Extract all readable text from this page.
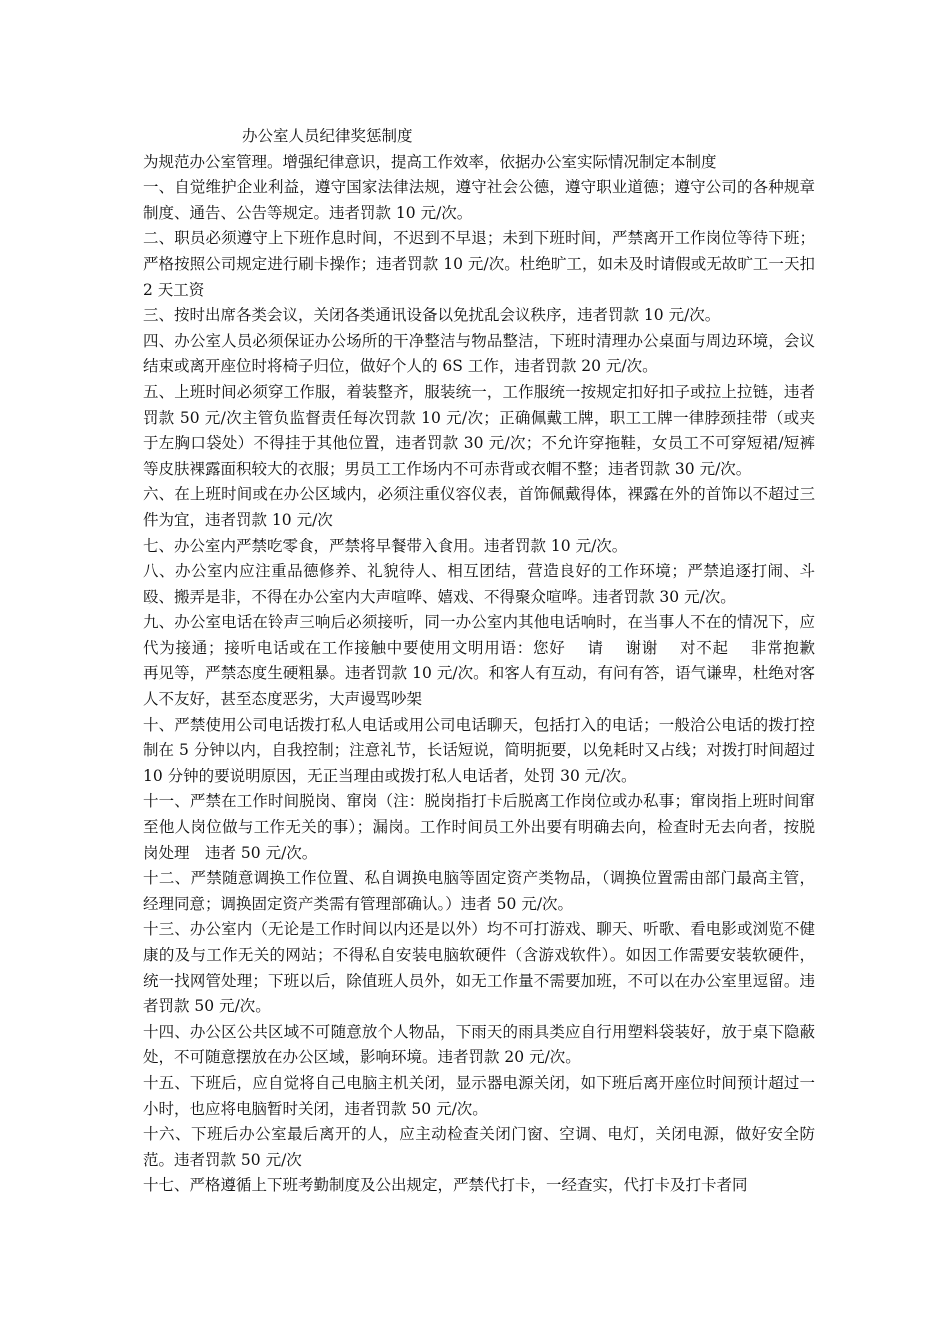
办公室人员纪律奖惩制度

为规范办公室管理。增强纪律意识，提高工作效率，依据办公室实际情况制定本制度

一、自觉维护企业利益，遵守国家法律法规，遵守社会公德，遵守职业道德；遵守公司的各种规章制度、通告、公告等规定。违者罚款 10 元/次。

二、职员必须遵守上下班作息时间，不迟到不早退；未到下班时间，严禁离开工作岗位等待下班；严格按照公司规定进行刷卡操作；违者罚款 10 元/次。杜绝旷工，如未及时请假或无故旷工一天扣 2 天工资

三、按时出席各类会议，关闭各类通讯设备以免扰乱会议秩序，违者罚款 10 元/次。

四、办公室人员必须保证办公场所的干净整洁与物品整洁，下班时清理办公桌面与周边环境，会议结束或离开座位时将椅子归位，做好个人的 6S 工作，违者罚款 20 元/次。

五、上班时间必须穿工作服，着装整齐，服装统一，工作服统一按规定扣好扣子或拉上拉链，违者罚款 50 元/次主管负监督责任每次罚款 10 元/次；正确佩戴工牌，职工工牌一律脖颈挂带（或夹于左胸口袋处）不得挂于其他位置，违者罚款 30 元/次；不允许穿拖鞋，女员工不可穿短裙/短裤等皮肤裸露面积较大的衣服；男员工工作场内不可赤背或衣帽不整；违者罚款 30 元/次。

六、在上班时间或在办公区域内，必须注重仪容仪表，首饰佩戴得体，裸露在外的首饰以不超过三件为宜，违者罚款 10 元/次

七、办公室内严禁吃零食，严禁将早餐带入食用。违者罚款 10 元/次。

八、办公室内应注重品德修养、礼貌待人、相互团结，营造良好的工作环境；严禁追逐打闹、斗殴、搬弄是非，不得在办公室内大声喧哗、嬉戏、不得聚众喧哗。违者罚款 30 元/次。

九、办公室电话在铃声三响后必须接听，同一办公室内其他电话响时，在当事人不在的情况下，应代为接通；接听电话或在工作接触中要使用文明用语：您好　 请　 谢谢　 对不起　 非常抱歉　　再见等，严禁态度生硬粗暴。违者罚款 10 元/次。和客人有互动，有问有答，语气谦卑，杜绝对客人不友好，甚至态度恶劣，大声谩骂吵架

十、严禁使用公司电话拨打私人电话或用公司电话聊天，包括打入的电话；一般洽公电话的拨打控制在 5 分钟以内，自我控制；注意礼节，长话短说，简明扼要，以免耗时又占线；对拨打时间超过 10 分钟的要说明原因，无正当理由或拨打私人电话者，处罚 30 元/次。

十一、严禁在工作时间脱岗、窜岗（注：脱岗指打卡后脱离工作岗位或办私事；窜岗指上班时间窜至他人岗位做与工作无关的事）；漏岗。工作时间员工外出要有明确去向，检查时无去向者，按脱岗处理　违者 50 元/次。

十二、严禁随意调换工作位置、私自调换电脑等固定资产类物品，（调换位置需由部门最高主管，经理同意；调换固定资产类需有管理部确认。）违者 50 元/次。

十三、办公室内（无论是工作时间以内还是以外）均不可打游戏、聊天、听歌、看电影或浏览不健康的及与工作无关的网站；不得私自安装电脑软硬件（含游戏软件）。如因工作需要安装软硬件，统一找网管处理；下班以后，除值班人员外，如无工作量不需要加班，不可以在办公室里逗留。违者罚款 50 元/次。

十四、办公区公共区域不可随意放个人物品，下雨天的雨具类应自行用塑料袋装好，放于桌下隐蔽处，不可随意摆放在办公区域，影响环境。违者罚款 20 元/次。

十五、下班后，应自觉将自己电脑主机关闭，显示器电源关闭，如下班后离开座位时间预计超过一小时，也应将电脑暂时关闭，违者罚款 50 元/次。

十六、下班后办公室最后离开的人，应主动检查关闭门窗、空调、电灯，关闭电源，做好安全防范。违者罚款 50 元/次

十七、严格遵循上下班考勤制度及公出规定，严禁代打卡，一经查实，代打卡及打卡者同
